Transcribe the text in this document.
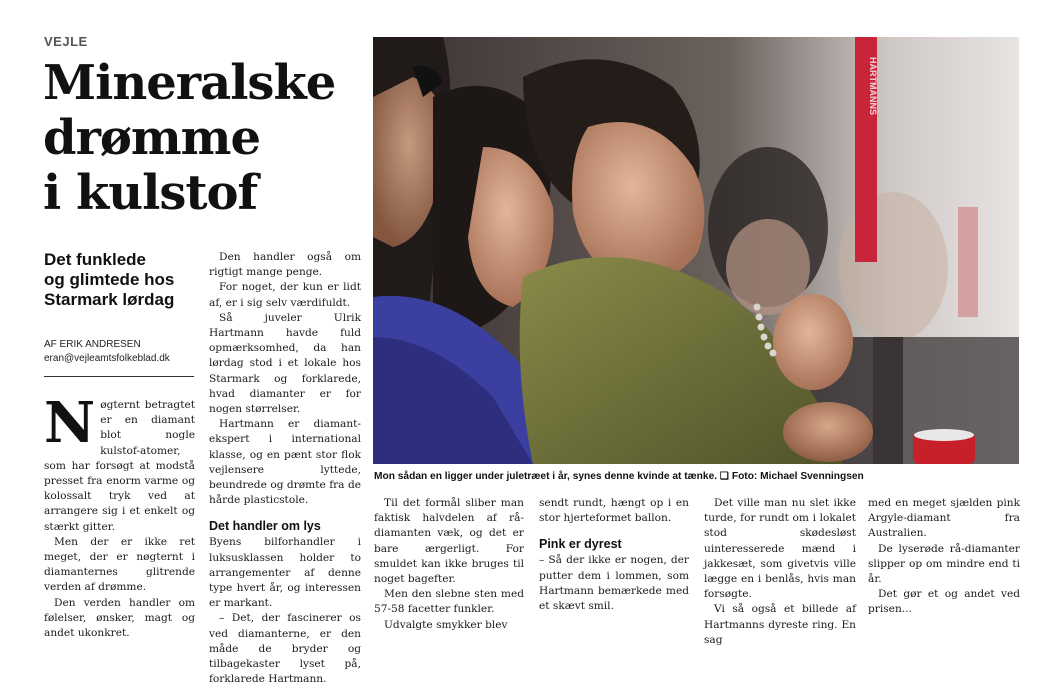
VEJLE
Mineralske
drømme
i kulstof
Det funklede
og glimtede hos
Starmark lørdag
AF ERIK ANDRESEN
eran@vejleamtsfolkeblad.dk

Nøgternt betragtet er en diamant blot nogle kulstof-atomer, som har forsøgt at modstå presset fra enorm varme og kolossalt tryk ved at arrangere sig i et enkelt og stærkt gitter.

Men der er ikke ret meget, der er nøgternt i diamanternes glitrende verden af drømme.

Den verden handler om følelser, ønsker, magt og andet ukonkret.

Den handler også om rigtigt mange penge.

For noget, der kun er lidt af, er i sig selv værdifuldt.

Så juveler Ulrik Hartmann havde fuld opmærksomhed, da han lørdag stod i et lokale hos Starmark og forklarede, hvad diamanter er for nogen størrelser.

Hartmann er diamant-ekspert i international klasse, og en pænt stor flok vejlensere lyttede, beundrede og drømte fra de hårde plasticstole.

Det handler om lys

Byens bilforhandler i luksusklassen holder to arrangementer af denne type hvert år, og interessen er markant.

– Det, der fascinerer os ved diamanterne, er den måde de bryder og tilbagekaster lyset på, forklarede Hartmann.

HARTMANNS
Mon sådan en ligger under juletræet i år, synes denne kvinde at tænke. ❑ Foto: Michael Svenningsen

Til det formål sliber man faktisk halvdelen af rå-diamanten væk, og det er bare ærgerligt. For smuldet kan ikke bruges til noget bagefter.

Men den slebne sten med 57-58 facetter funkler.

Udvalgte smykker blev

sendt rundt, hængt op i en stor hjerteformet ballon.

Pink er dyrest

– Så der ikke er nogen, der putter dem i lommen, som Hartmann bemærkede med et skævt smil.

Det ville man nu slet ikke turde, for rundt om i lokalet stod skødesløst uinteresserede mænd i jakkesæt, som givetvis ville lægge en i benlås, hvis man forsøgte.

Vi så også et billede af Hartmanns dyreste ring. En sag

med en meget sjælden pink Argyle-diamant fra Australien.

De lyserøde rå-diamanter slipper op om mindre end ti år.

Det gør et og andet ved prisen...
